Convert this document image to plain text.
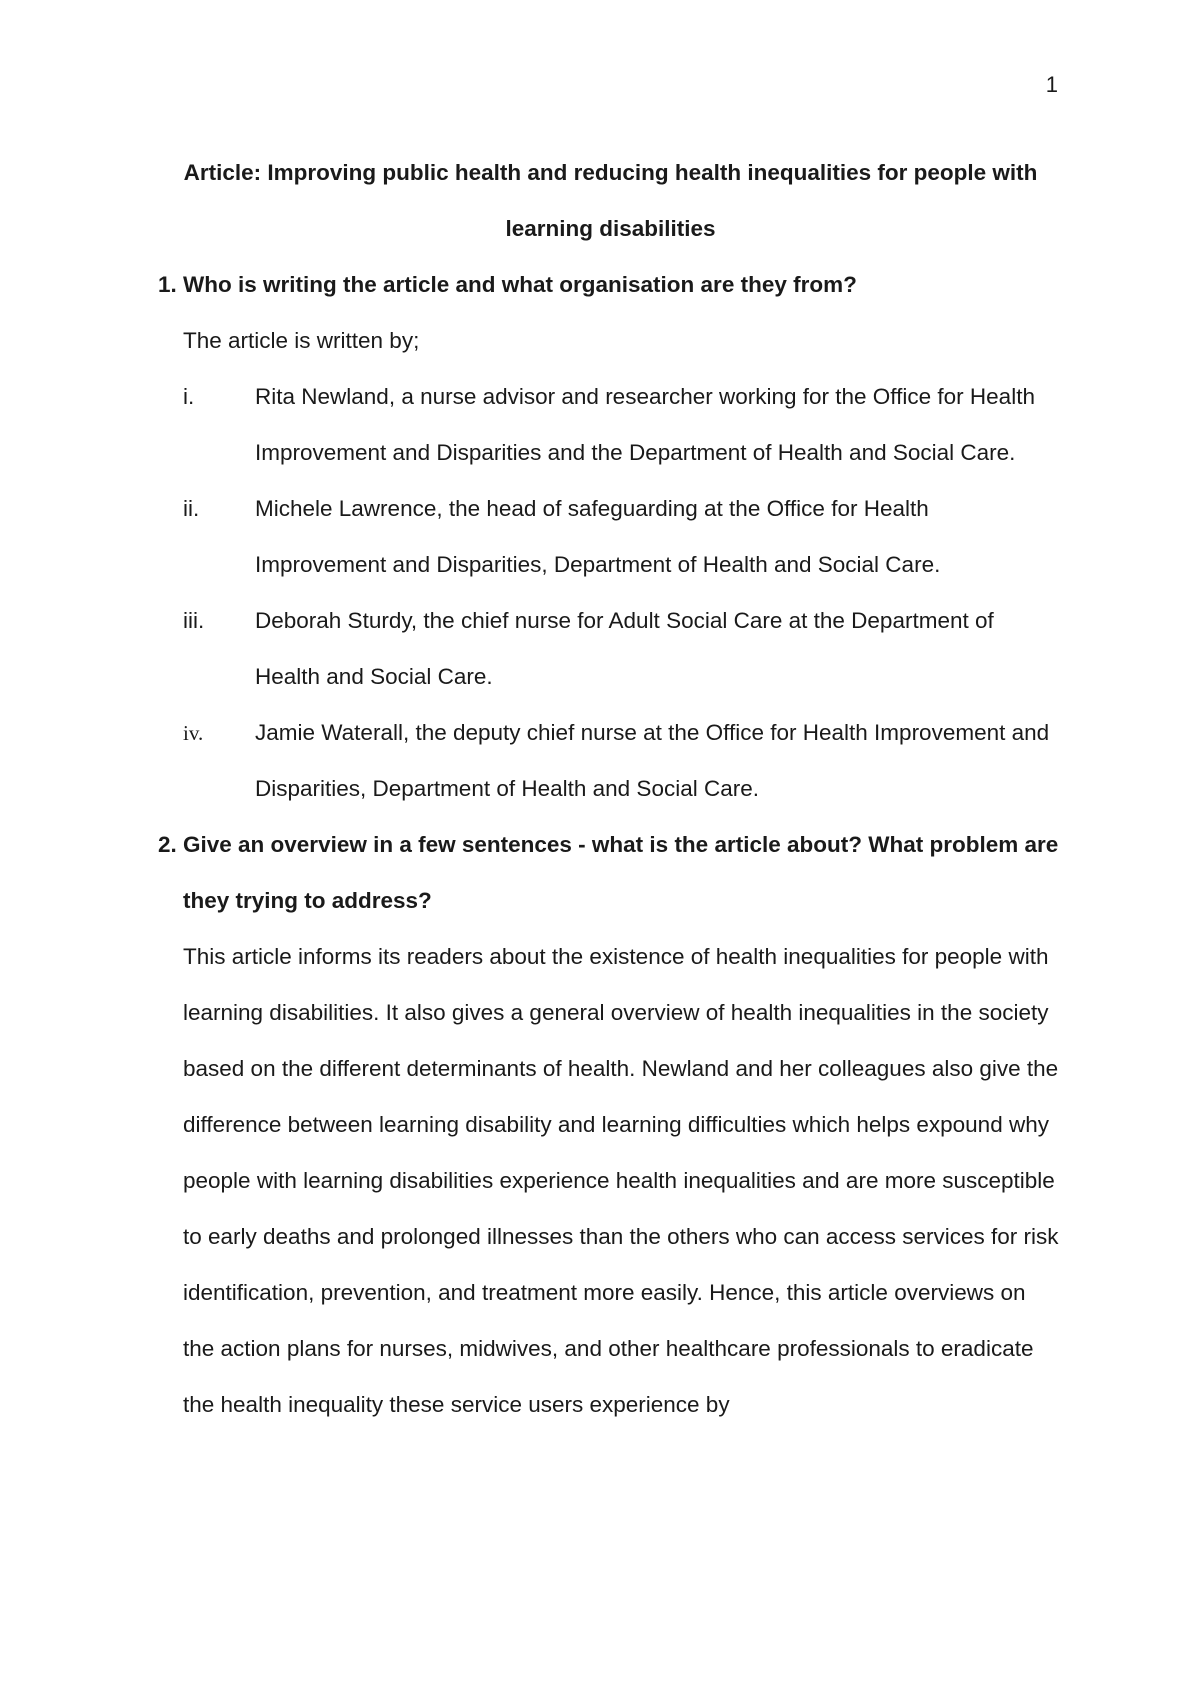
1

Article: Improving public health and reducing health inequalities for people with learning disabilities

1. Who is writing the article and what organisation are they from?

The article is written by;

i.	Rita Newland, a nurse advisor and researcher working for the Office for Health Improvement and Disparities and the Department of Health and Social Care.
ii.	Michele Lawrence, the head of safeguarding at the Office for Health Improvement and Disparities, Department of Health and Social Care.
iii.	Deborah Sturdy, the chief nurse for Adult Social Care at the Department of Health and Social Care.
iv.	Jamie Waterall, the deputy chief nurse at the Office for Health Improvement and Disparities, Department of Health and Social Care.
2. Give an overview in a few sentences - what is the article about? What problem are they trying to address?

This article informs its readers about the existence of health inequalities for people with learning disabilities. It also gives a general overview of health inequalities in the society based on the different determinants of health. Newland and her colleagues also give the difference between learning disability and learning difficulties which helps expound why people with learning disabilities experience health inequalities and are more susceptible to early deaths and prolonged illnesses than the others who can access services for risk identification, prevention, and treatment more easily. Hence, this article overviews on the action plans for nurses, midwives, and other healthcare professionals to eradicate the health inequality these service users experience by
